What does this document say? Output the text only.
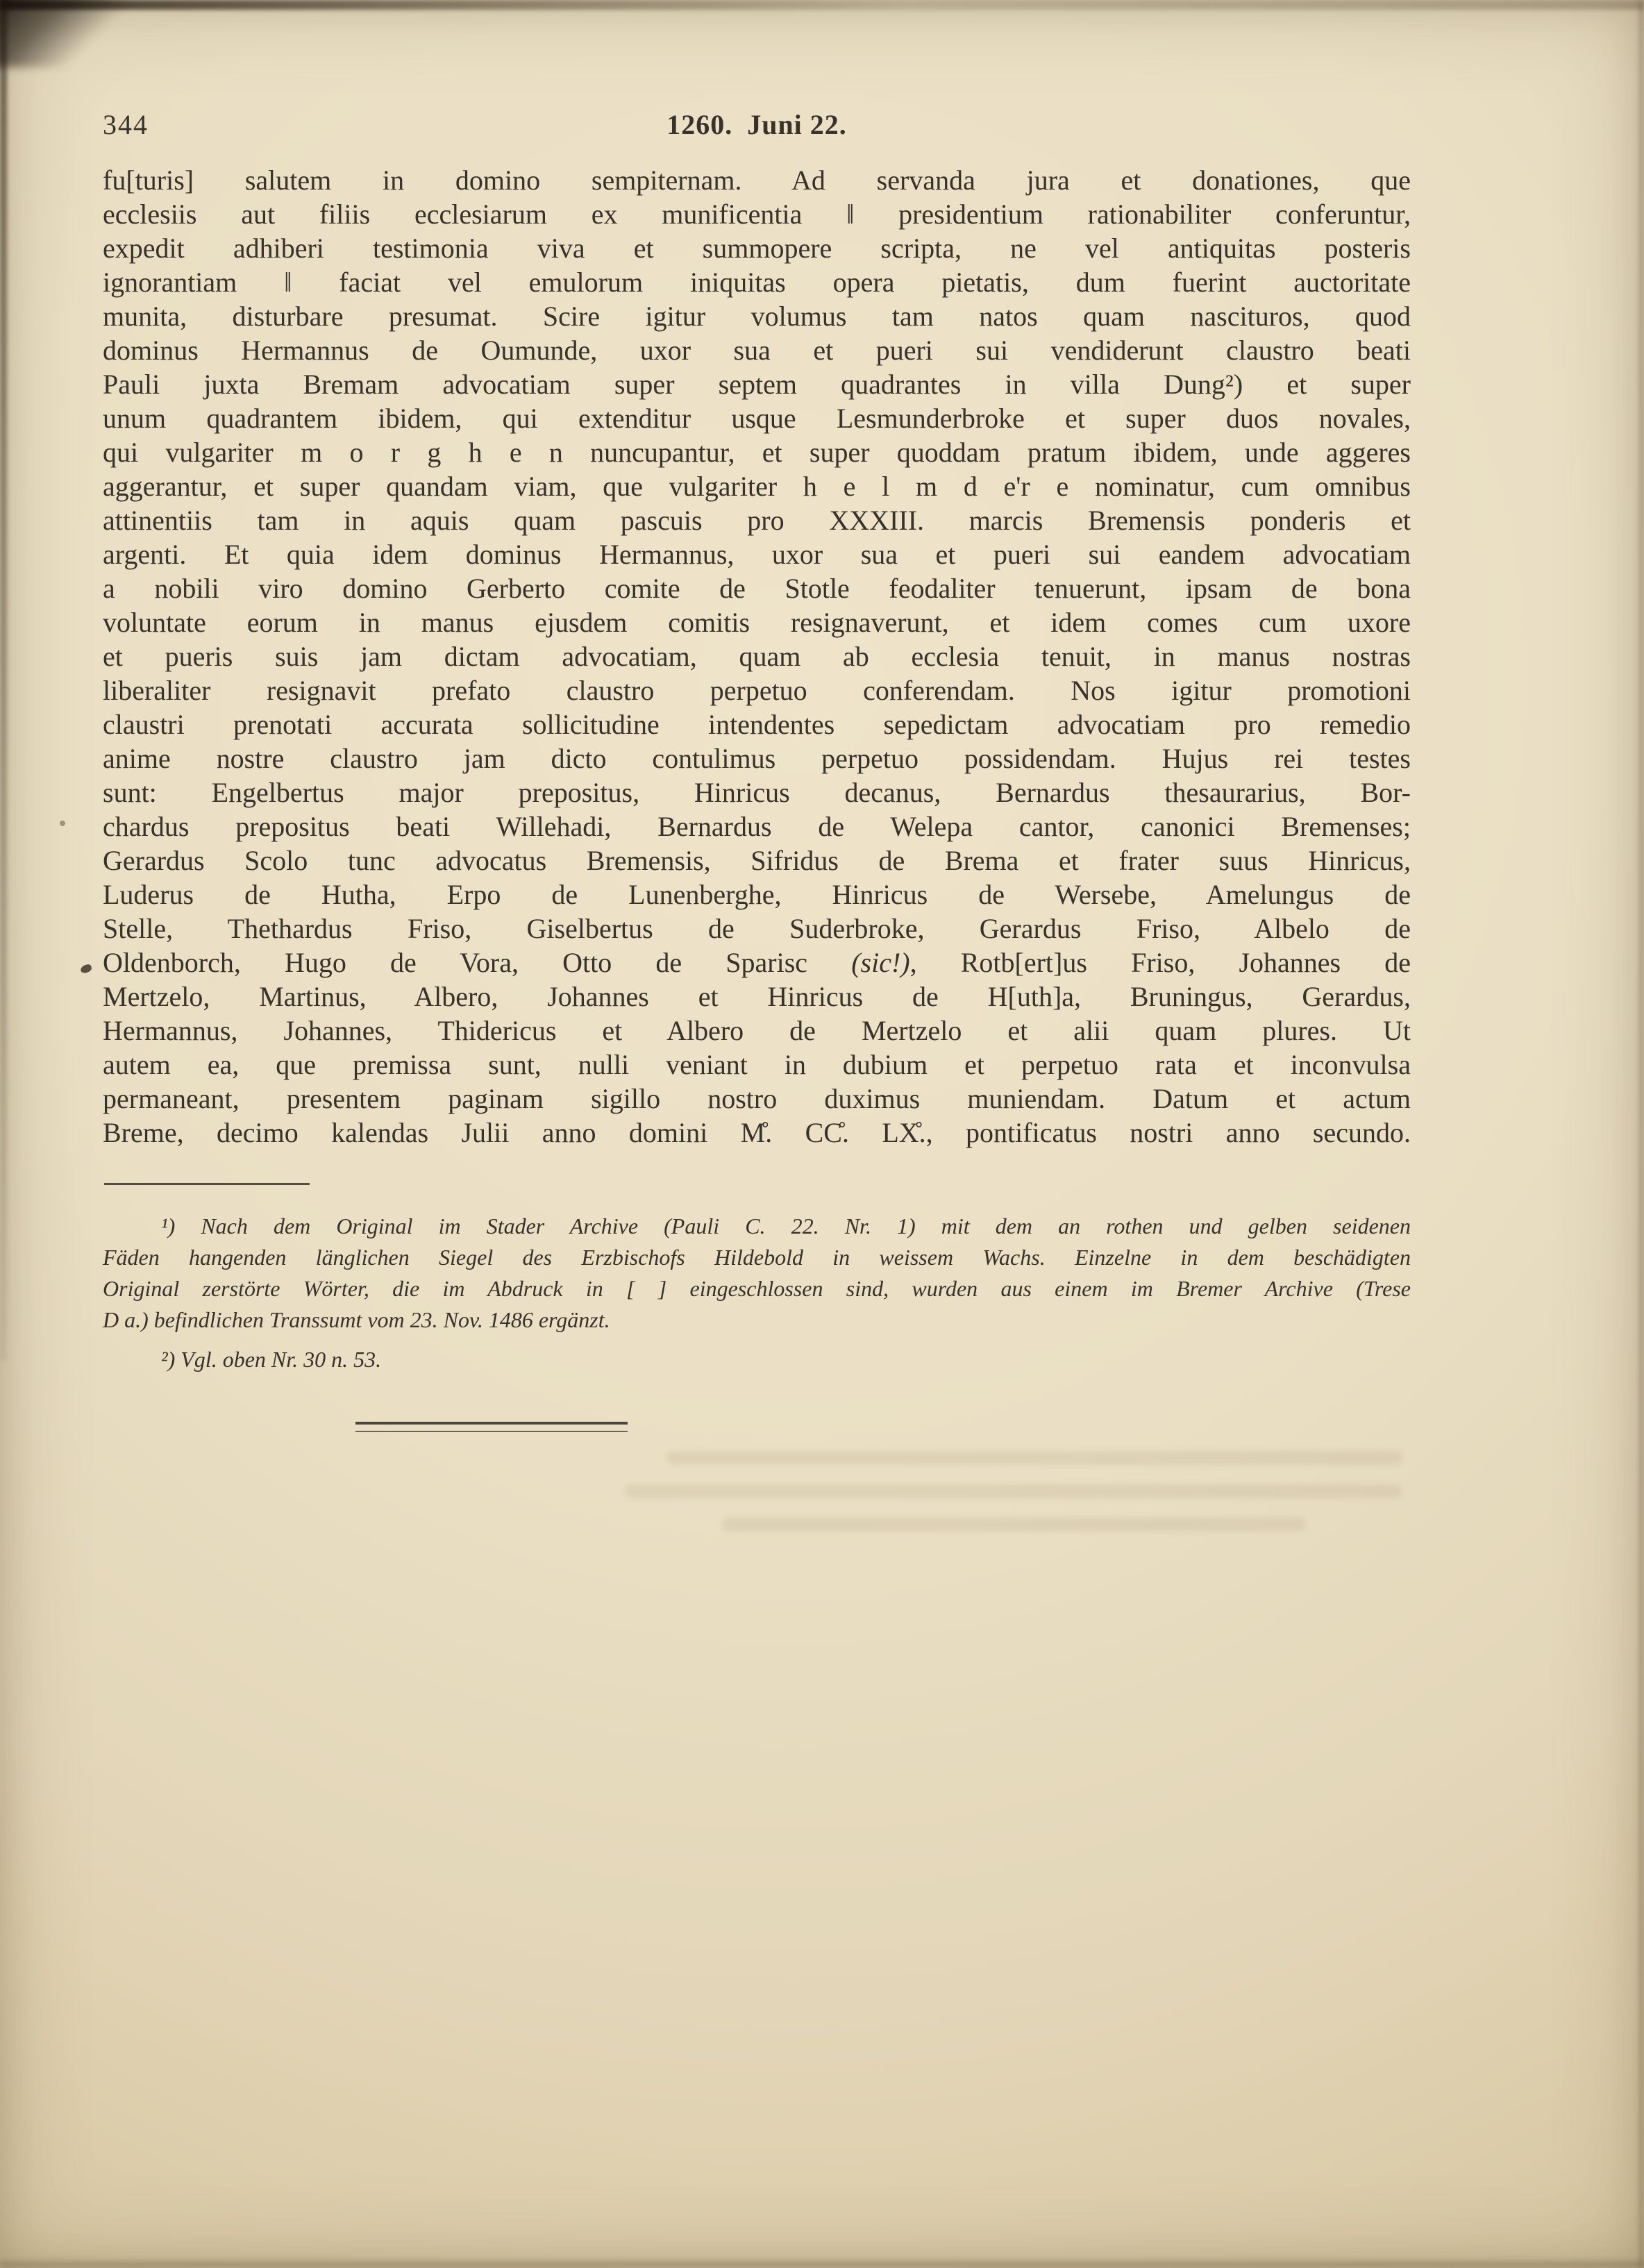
344	1260. Juni 22.
fu[turis] salutem in domino sempiternam. Ad servanda jura et donationes, que
ecclesiis aut filiis ecclesiarum ex munificentia ‖ presidentium rationabiliter conferuntur,
expedit adhiberi testimonia viva et summopere scripta, ne vel antiquitas posteris
ignorantiam ‖ faciat vel emulorum iniquitas opera pietatis, dum fuerint auctoritate
munita, disturbare presumat. Scire igitur volumus tam natos quam nascituros, quod
dominus Hermannus de Oumunde, uxor sua et pueri sui vendiderunt claustro beati
Pauli juxta Bremam advocatiam super septem quadrantes in villa Dung²) et super
unum quadrantem ibidem, qui extenditur usque Lesmunderbroke et super duos novales,
qui vulgariter m o r g h e n nuncupantur, et super quoddam pratum ibidem, unde aggeres
aggerantur, et super quandam viam, que vulgariter h e l m d e'r e nominatur, cum omnibus
attinentiis tam in aquis quam pascuis pro XXXIII. marcis Bremensis ponderis et
argenti. Et quia idem dominus Hermannus, uxor sua et pueri sui eandem advocatiam
a nobili viro domino Gerberto comite de Stotle feodaliter tenuerunt, ipsam de bona
voluntate eorum in manus ejusdem comitis resignaverunt, et idem comes cum uxore
et pueris suis jam dictam advocatiam, quam ab ecclesia tenuit, in manus nostras
liberaliter resignavit prefato claustro perpetuo conferendam. Nos igitur promotioni
claustri prenotati accurata sollicitudine intendentes sepedictam advocatiam pro remedio
anime nostre claustro jam dicto contulimus perpetuo possidendam. Hujus rei testes
sunt: Engelbertus major prepositus, Hinricus decanus, Bernardus thesaurarius, Bor-
chardus prepositus beati Willehadi, Bernardus de Welepa cantor, canonici Bremenses;
Gerardus Scolo tunc advocatus Bremensis, Sifridus de Brema et frater suus Hinricus,
Luderus de Hutha, Erpo de Lunenberghe, Hinricus de Wersebe, Amelungus de
Stelle, Thethardus Friso, Giselbertus de Suderbroke, Gerardus Friso, Albelo de
Oldenborch, Hugo de Vora, Otto de Sparisc (sic!), Rotb[ert]us Friso, Johannes de
Mertzelo, Martinus, Albero, Johannes et Hinricus de H[uth]a, Bruningus, Gerardus,
Hermannus, Johannes, Thidericus et Albero de Mertzelo et alii quam plures. Ut
autem ea, que premissa sunt, nulli veniant in dubium et perpetuo rata et inconvulsa
permaneant, presentem paginam sigillo nostro duximus muniendam. Datum et actum
Breme, decimo kalendas Julii anno domini M̊. CC̊. LX̊., pontificatus nostri anno secundo.
¹) Nach dem Original im Stader Archive (Pauli C. 22. Nr. 1) mit dem an rothen und gelben seidenen
Fäden hangenden länglichen Siegel des Erzbischofs Hildebold in weissem Wachs. Einzelne in dem beschädigten
Original zerstörte Wörter, die im Abdruck in [ ] eingeschlossen sind, wurden aus einem im Bremer Archive (Trese
D a.) befindlichen Transsumt vom 23. Nov. 1486 ergänzt.
²) Vgl. oben Nr. 30 n. 53.
